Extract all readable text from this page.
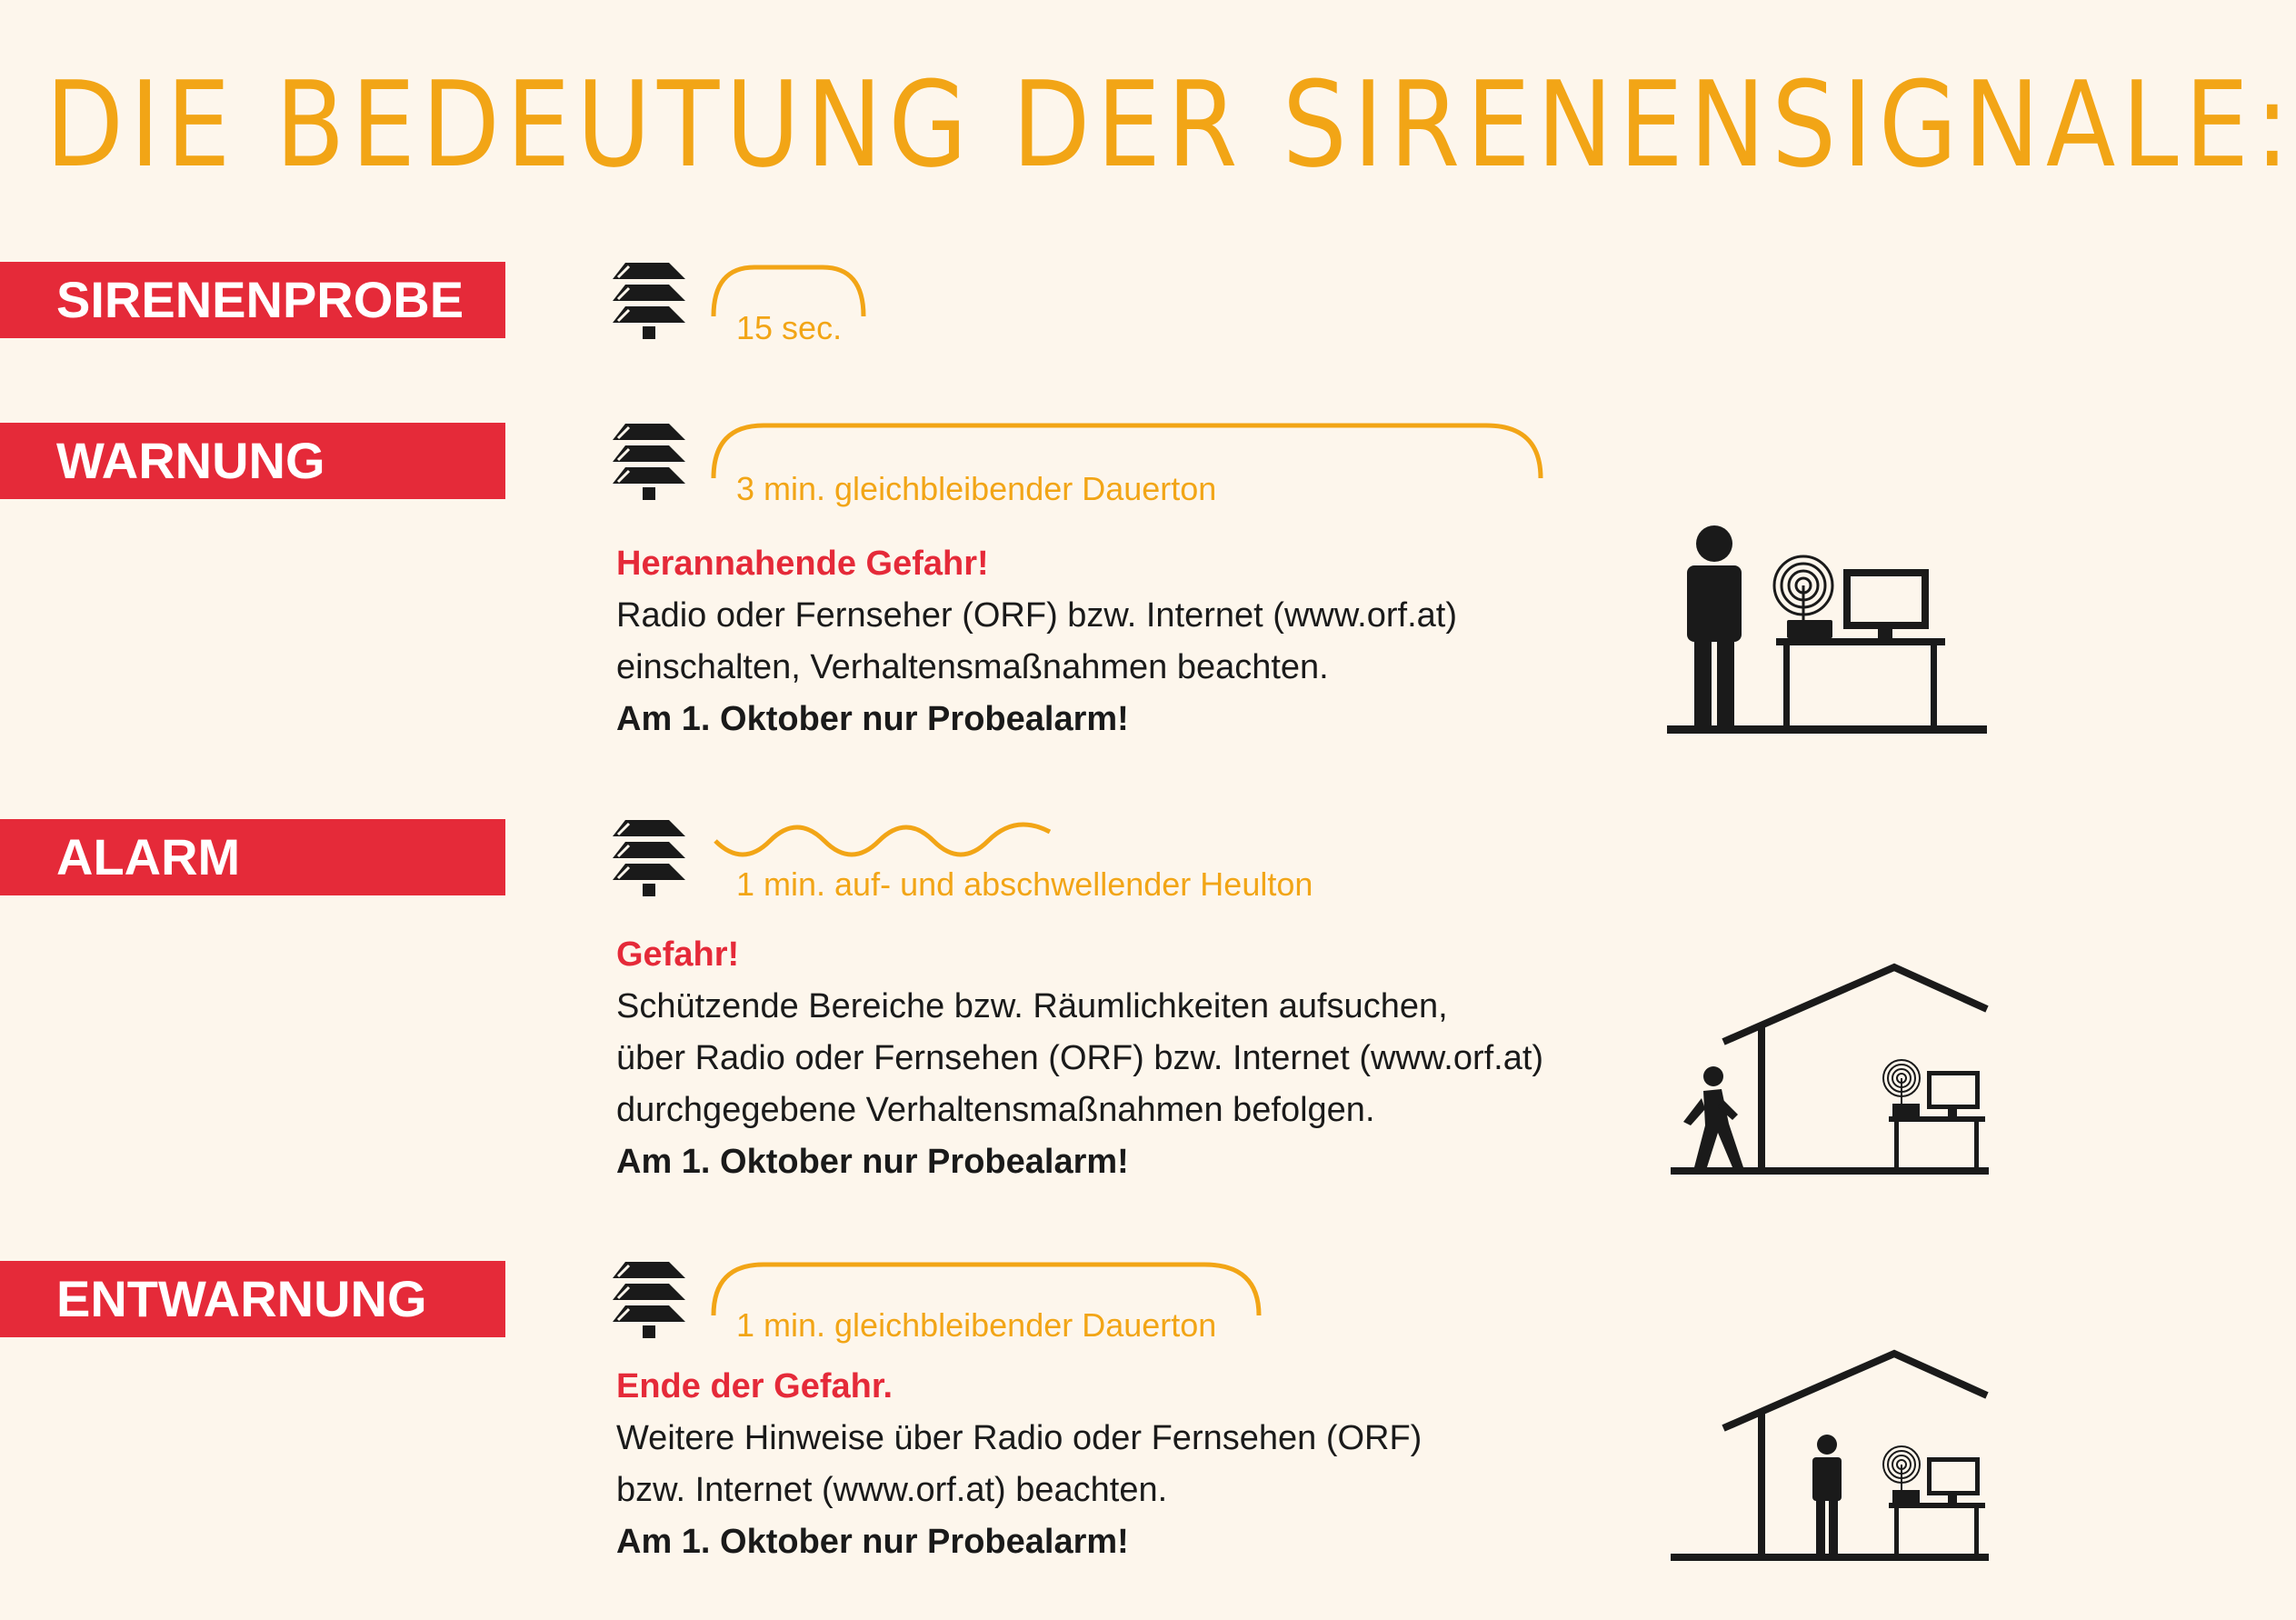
DIE BEDEUTUNG DER SIRENENSIGNALE:
SIRENENPROBE	15 sec.
WARNUNG	3 min. gleichbleibender Dauerton
Herannahende Gefahr!
Radio oder Fernseher (ORF) bzw. Internet (www.orf.at)
einschalten, Verhaltensmaßnahmen beachten.
Am 1. Oktober nur Probealarm!
ALARM	1 min. auf- und abschwellender Heulton
Gefahr!
Schützende Bereiche bzw. Räumlichkeiten aufsuchen,
über Radio oder Fernsehen (ORF) bzw. Internet (www.orf.at)
durchgegebene Verhaltensmaßnahmen befolgen.
Am 1. Oktober nur Probealarm!
ENTWARNUNG	1 min. gleichbleibender Dauerton
Ende der Gefahr.
Weitere Hinweise über Radio oder Fernsehen (ORF)
bzw. Internet (www.orf.at) beachten.
Am 1. Oktober nur Probealarm!
